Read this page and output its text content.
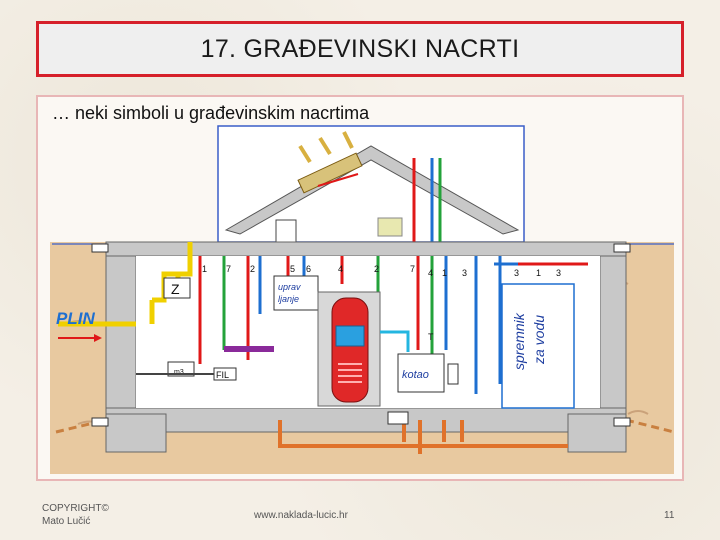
17. GRAĐEVINSKI NACRTI
… neki simboli u građevinskim nacrtima
PLIN
Z
1 7 2	5 6	4	2	7 4 1 3	3 1 3
uprav
ljanje
kotao
T	spremnik za vodu
m3	FIL
COPYRIGHT©
Mato Lučić
www.naklada-lucic.hr	11
